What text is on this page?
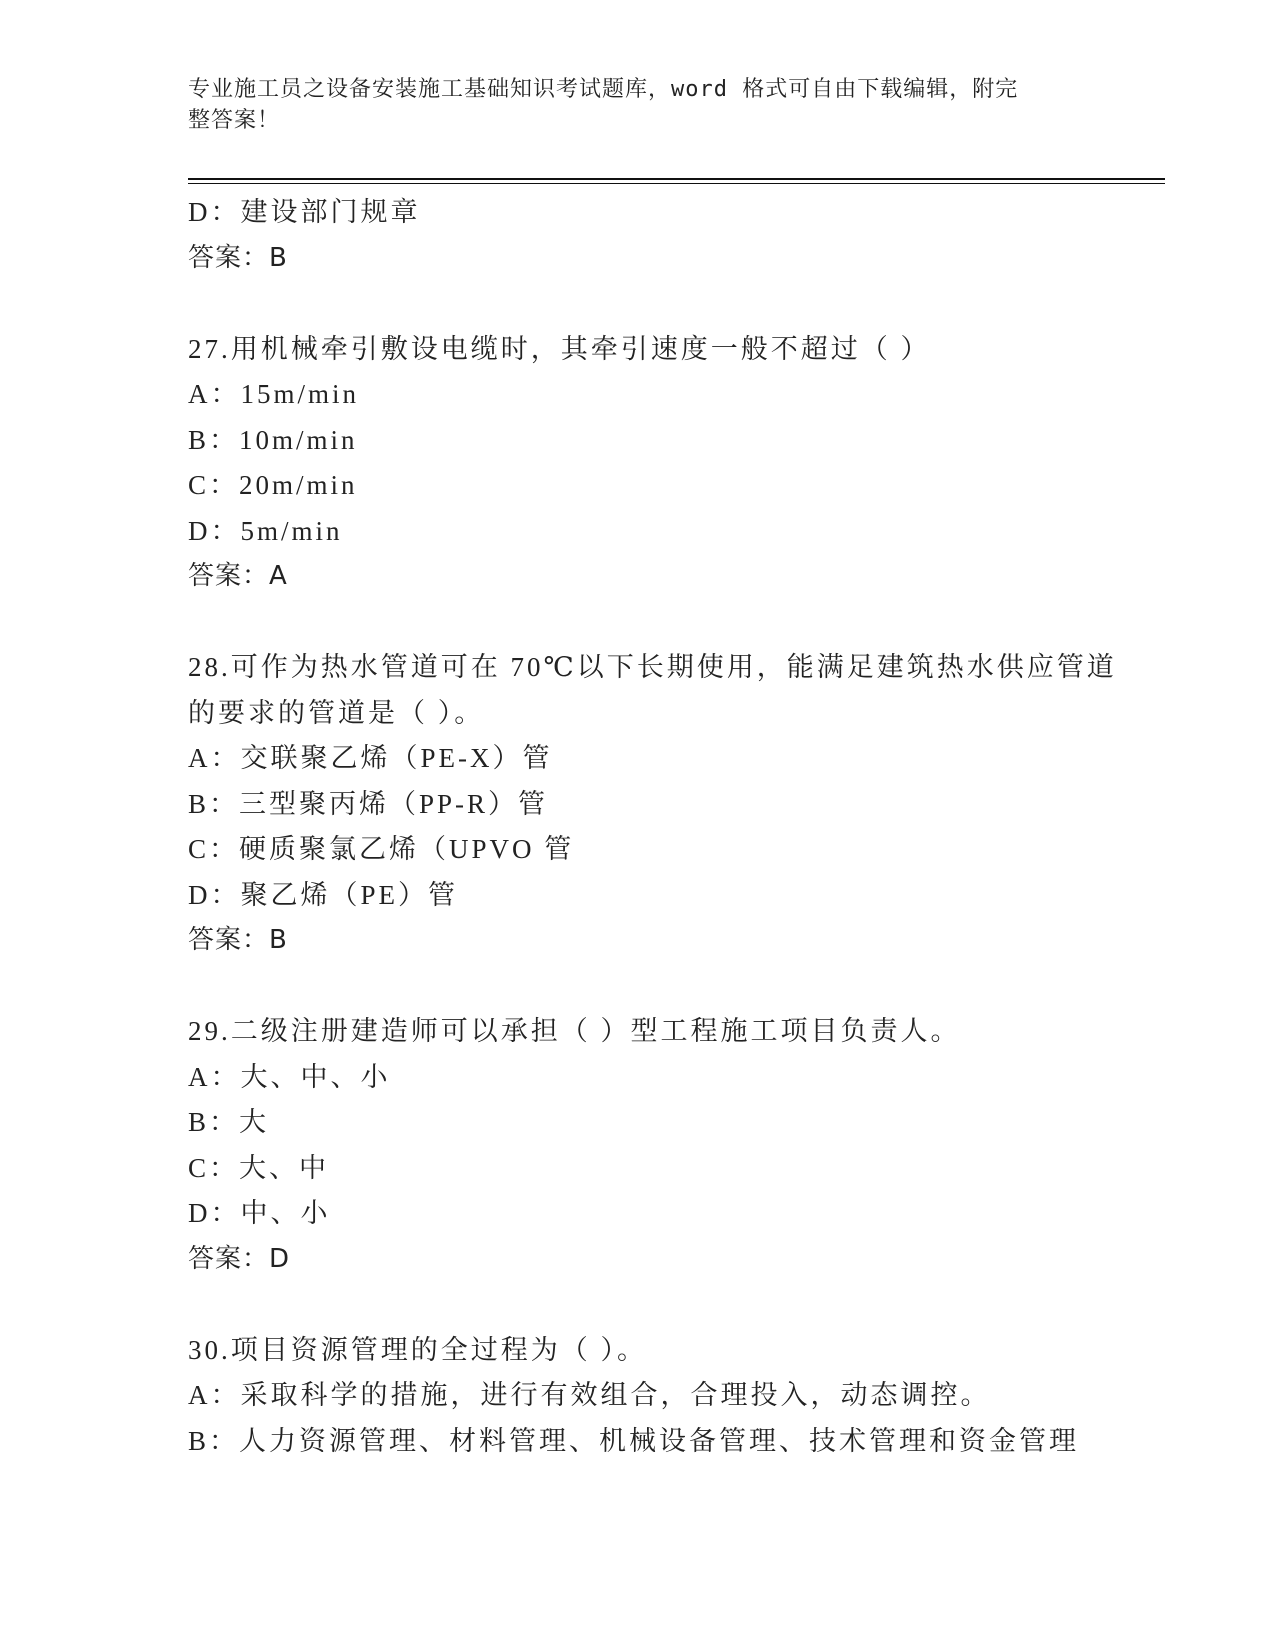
专业施工员之设备安装施工基础知识考试题库，word 格式可自由下载编辑，附完
整答案！
D：建设部门规章
答案：B
27.用机械牵引敷设电缆时，其牵引速度一般不超过（ ）
A：15m/min
B：10m/min
C：20m/min
D：5m/min
答案：A
28.可作为热水管道可在 70℃以下长期使用，能满足建筑热水供应管道
的要求的管道是（ ）。
A：交联聚乙烯（PE-X）管
B：三型聚丙烯（PP-R）管
C：硬质聚氯乙烯（UPVO 管
D：聚乙烯（PE）管
答案：B
29.二级注册建造师可以承担（ ）型工程施工项目负责人。
A：大、中、小
B：大
C：大、中
D：中、小
答案：D
30.项目资源管理的全过程为（ ）。
A：采取科学的措施，进行有效组合，合理投入，动态调控。
B：人力资源管理、材料管理、机械设备管理、技术管理和资金管理
